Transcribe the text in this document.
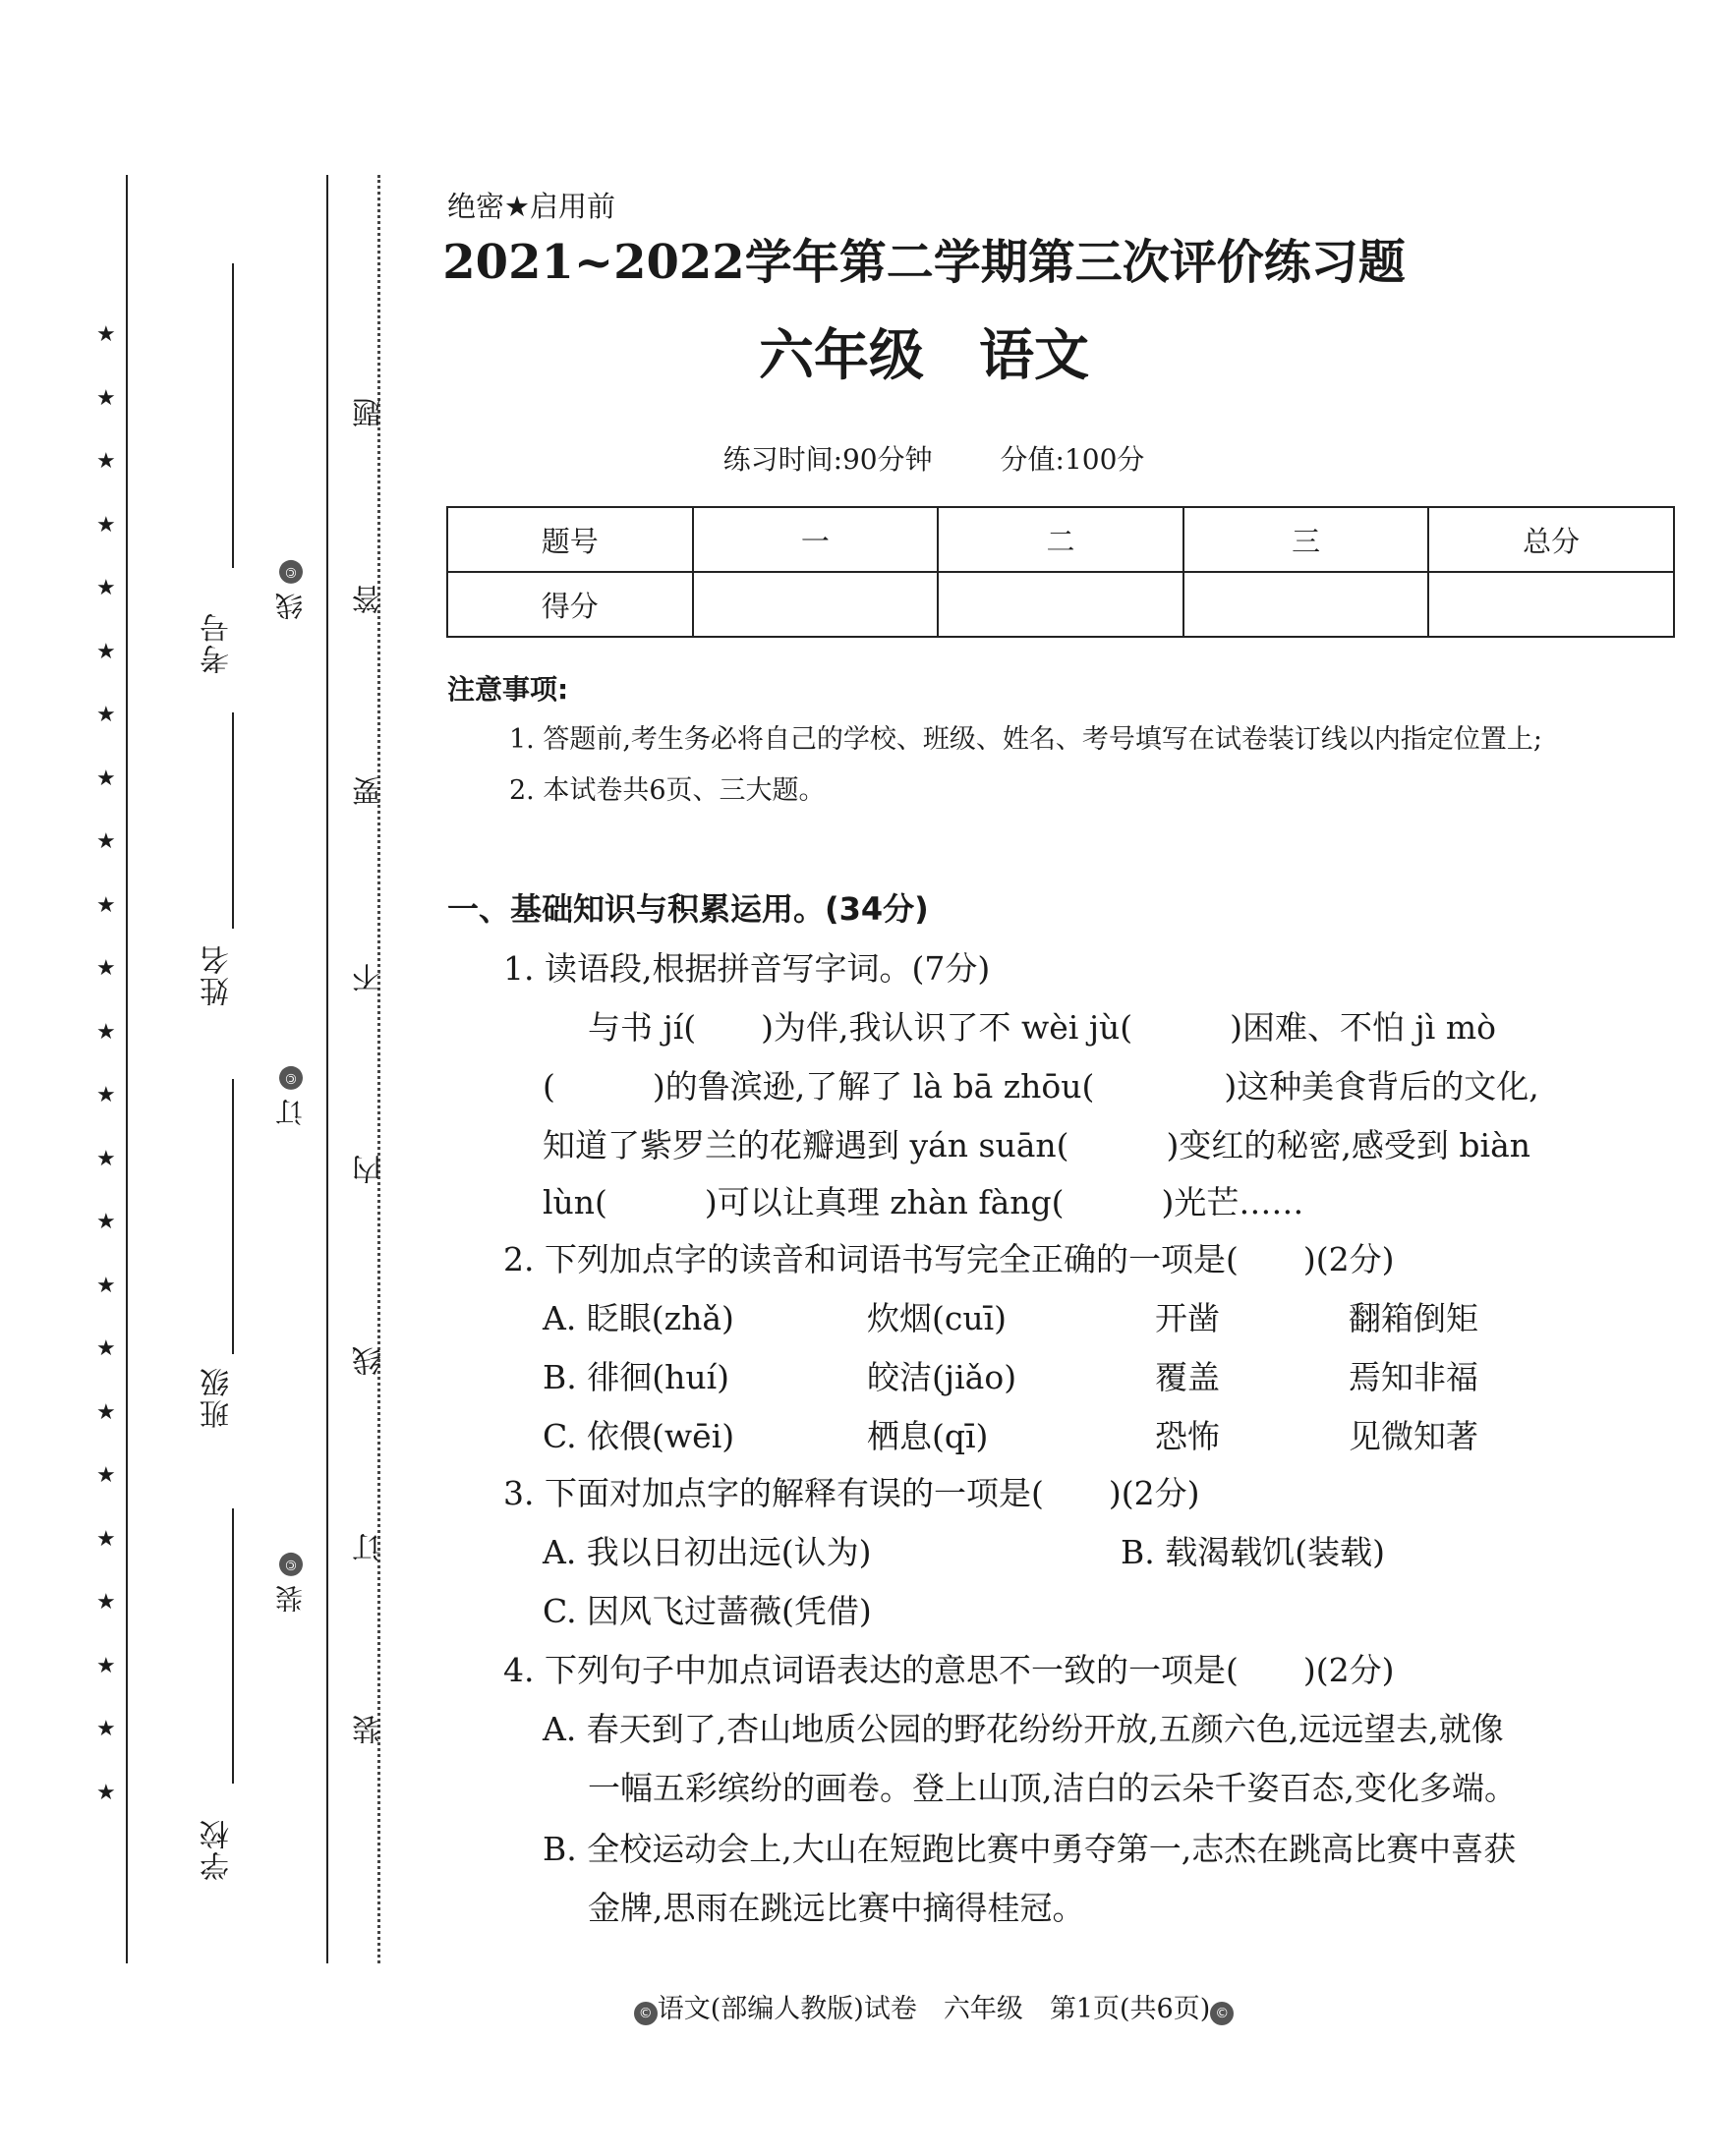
★
★
★
★
★
★
★
★
★
★
★
★
★
★
★
★
★
★
★
★
★
★
★
★
考号
姓名
班级
学校
线 ©
订 ©
装 ©
题
答
要
不
内
线
订
装
绝密★启用前
2021~2022学年第二学期第三次评价练习题
六年级　语文
练习时间:90分钟 分值:100分
题号	一	二	三	总分
得分				
注意事项:
1. 答题前,考生务必将自己的学校、班级、姓名、考号填写在试卷装订线以内指定位置上;
2. 本试卷共6页、三大题。
一、基础知识与积累运用。(34分)
1. 读语段,根据拼音写字词。(7分)
与书 jí(　　)为伴,我认识了不 wèi jù(　　　)困难、不怕 jì mò
(　　　)的鲁滨逊,了解了 là bā zhōu(　　　　)这种美食背后的文化,
知道了紫罗兰的花瓣遇到 yán suān(　　　)变红的秘密,感受到 biàn
lùn(　　　)可以让真理 zhàn fàng(　　　)光芒……
2. 下列加点字的读音和词语书写完全正确的一项是(　　)(2分)
A. 眨眼(zhǎ)	炊烟(cuī)	开凿	翻箱倒矩
B. 徘徊(huí)	皎洁(jiǎo)	覆盖	焉知非福
C. 依偎(wēi)	栖息(qī)	恐怖	见微知著
3. 下面对加点字的解释有误的一项是(　　)(2分)
A. 我以日初出远(认为)	B. 载渴载饥(装载)
C. 因风飞过蔷薇(凭借)
4. 下列句子中加点词语表达的意思不一致的一项是(　　)(2分)
A. 春天到了,杏山地质公园的野花纷纷开放,五颜六色,远远望去,就像
一幅五彩缤纷的画卷。登上山顶,洁白的云朵千姿百态,变化多端。
B. 全校运动会上,大山在短跑比赛中勇夺第一,志杰在跳高比赛中喜获
金牌,思雨在跳远比赛中摘得桂冠。
© 语文(部编人教版)试卷　六年级　第1页(共6页) ©
